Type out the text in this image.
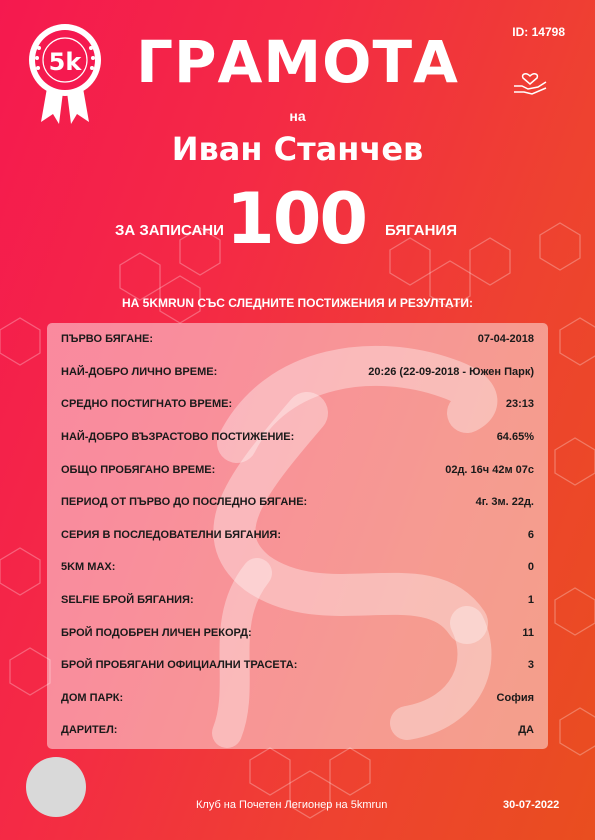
5k
ID: 14798
ГРАМОТА
на
Иван Станчев
ЗА ЗАПИСАНИ 100 БЯГАНИЯ
НА 5KMRUN СЪС СЛЕДНИТЕ ПОСТИЖЕНИЯ И РЕЗУЛТАТИ:
ПЪРВО БЯГАНЕ:	07-04-2018
НАЙ-ДОБРО ЛИЧНО ВРЕМЕ:	20:26 (22-09-2018 - Южен Парк)
СРЕДНО ПОСТИГНАТО ВРЕМЕ:	23:13
НАЙ-ДОБРО ВЪЗРАСТОВО ПОСТИЖЕНИЕ:	64.65%
ОБЩО ПРОБЯГАНО ВРЕМЕ:	02д. 16ч 42м 07с
ПЕРИОД ОТ ПЪРВО ДО ПОСЛЕДНО БЯГАНЕ:	4г. 3м. 22д.
СЕРИЯ В ПОСЛЕДОВАТЕЛНИ БЯГАНИЯ:	6
5KM MAX:	0
SELFIE БРОЙ БЯГАНИЯ:	1
БРОЙ ПОДОБРЕН ЛИЧЕН РЕКОРД:	11
БРОЙ ПРОБЯГАНИ ОФИЦИАЛНИ ТРАСЕТА:	3
ДОМ ПАРК:	София
ДАРИТЕЛ:	ДА
Клуб на Почетен Легионер на 5kmrun	30-07-2022
